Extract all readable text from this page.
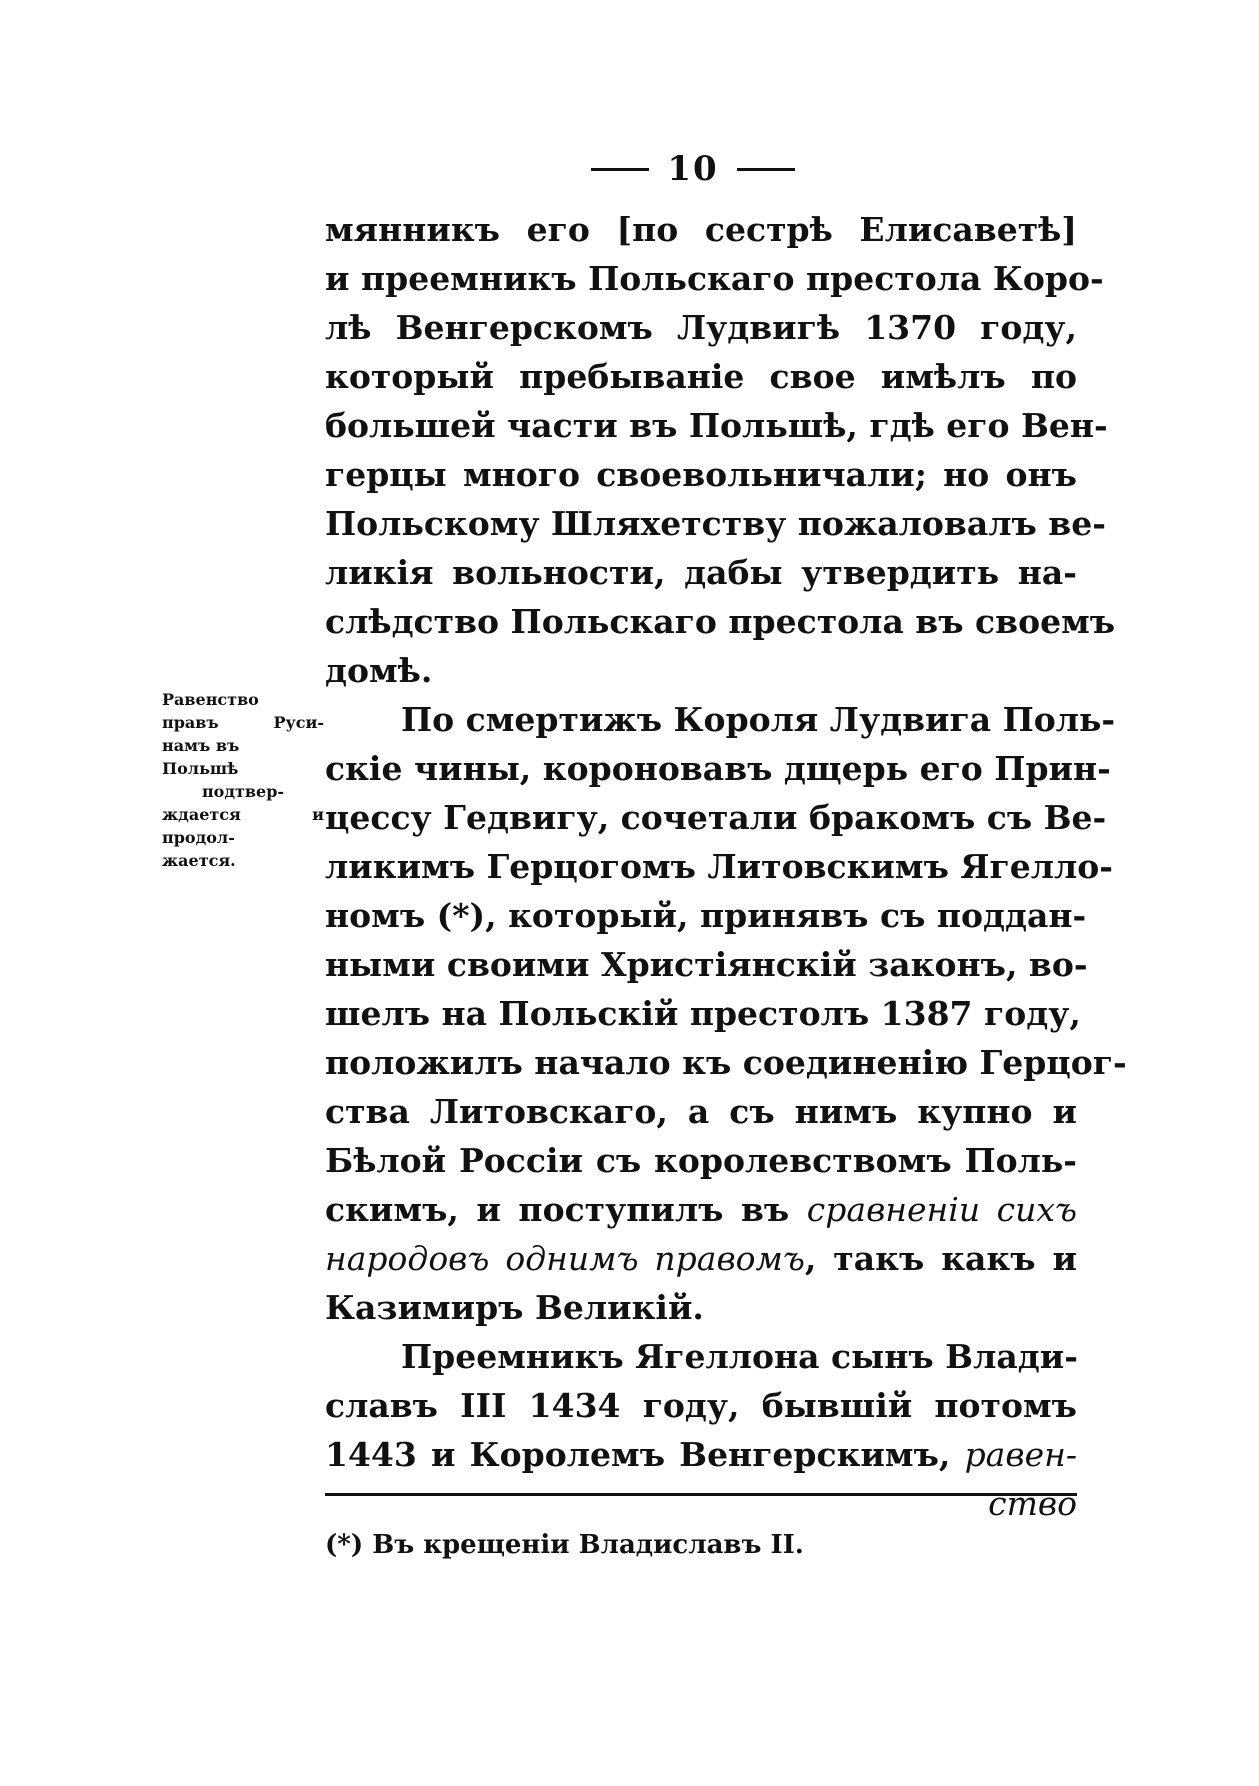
10
мянникъ его [по сестрѣ Елисаветѣ]
и преемникъ Польскаго престола Коро-
лѣ Венгерскомъ Лудвигѣ 1370 году,
который пребываніе свое имѣлъ по
большей части въ Польшѣ, гдѣ его Вен-
герцы много своевольничали; но онъ
Польскому Шляхетству пожаловалъ ве-
ликія вольности, дабы утвердить на-
слѣдство Польскаго престола въ своемъ
домѣ.
По смертижъ Короля Лудвига Поль-
скіе чины, короновавъ дщерь его Прин-
цессу Гедвигу, сочетали бракомъ съ Ве-
ликимъ Герцогомъ Литовскимъ Ягелло-
номъ (*), который, принявъ съ поддан-
ными своими Христіянскій законъ, во-
шелъ на Польскій престолъ 1387 году,
положилъ начало къ соединенію Герцог-
ства Литовскаго, а съ нимъ купно и
Бѣлой Россіи съ королевствомъ Поль-
скимъ, и поступилъ въ сравненіи сихъ
народовъ однимъ правомъ, такъ какъ и
Казимиръ Великій.
Преемникъ Ягеллона сынъ Влади-
славъ III 1434 году, бывшій потомъ
1443 и Королемъ Венгерскимъ, равен-
ство
Равенство
правъ Руси-
намъ въ
Польшѣ
подтвер-
ждается и
продол-
жается.
(*) Въ крещеніи Владиславъ II.
